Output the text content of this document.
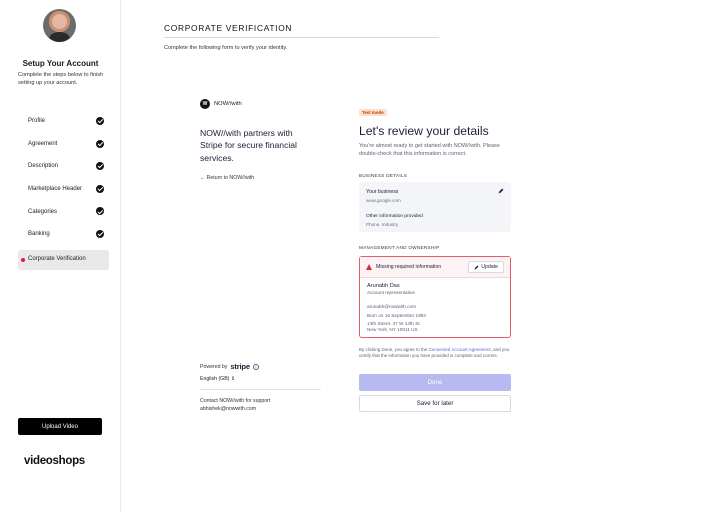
Setup Your Account
Complete the steps below to finish setting up your account.
Profile
Agreement
Description
Marketplace Header
Categories
Banking
Corporate Verification
Upload Video
videoshops
CORPORATE VERIFICATION
Complete the following form to verify your identity.
W	NOW//with
NOW//with partners with Stripe for secure financial services.
← Return to NOW//with
Powered by stripe	i
English (GB) ⇕
Contact NOW//with for support
abhishek@nowwith.com
Test mode
Let's review your details
You're almost ready to get started with NOW//with. Please double-check that this information is correct.
BUSINESS DETAILS
Your business
www.google.com
Other information provided
Phone, Industry
MANAGEMENT AND OWNERSHIP
Missing required information	Update
Arunabh Das
Account representative
arunabh@nowwith.com
Born on 16 September 1993
13th Street. 47 W 13th St
New York, NY 10011 US
By clicking Done, you agree to the Connected Account Agreement, and you certify that the information you have provided is complete and correct.
Done
Save for later
